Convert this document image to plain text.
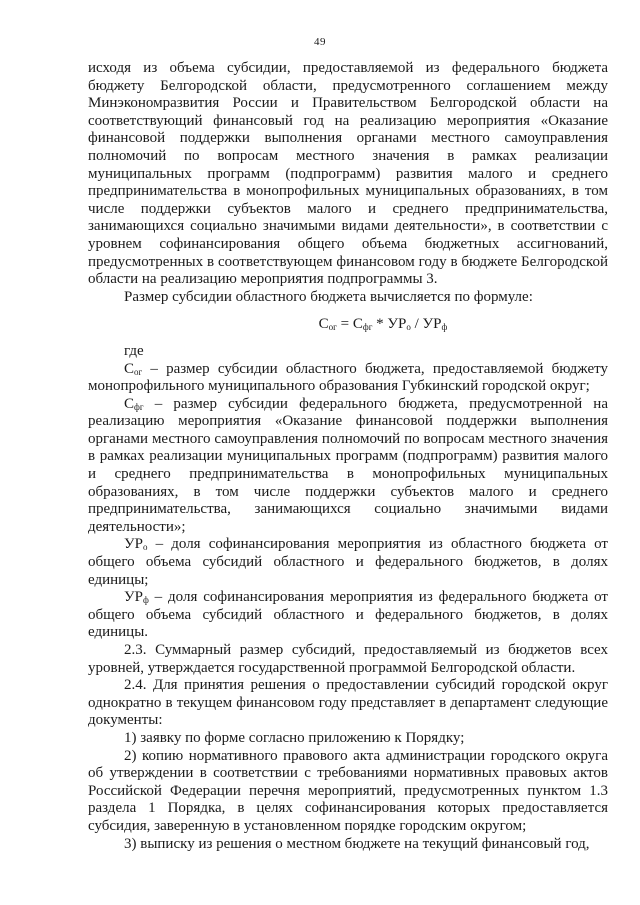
49

исходя из объема субсидии, предоставляемой из федерального бюджета бюджету Белгородской области, предусмотренного соглашением между Минэкономразвития России и Правительством Белгородской области на соответствующий финансовый год на реализацию мероприятия «Оказание финансовой поддержки выполнения органами местного самоуправления полномочий по вопросам местного значения в рамках реализации муниципальных программ (подпрограмм) развития малого и среднего предпринимательства в монопрофильных муниципальных образованиях, в том числе поддержки субъектов малого и среднего предпринимательства, занимающихся социально значимыми видами деятельности», в соответствии с уровнем софинансирования общего объема бюджетных ассигнований, предусмотренных в соответствующем финансовом году в бюджете Белгородской области на реализацию мероприятия подпрограммы 3.

Размер субсидии областного бюджета вычисляется по формуле:

$С_{ог} = С_{фг} * УР_о / УР_ф$

где

$С_{ог}$ – размер субсидии областного бюджета, предоставляемой бюджету монопрофильного муниципального образования Губкинский городской округ;

$С_{фг}$ – размер субсидии федерального бюджета, предусмотренной на реализацию мероприятия «Оказание финансовой поддержки выполнения органами местного самоуправления полномочий по вопросам местного значения в рамках реализации муниципальных программ (подпрограмм) развития малого и среднего предпринимательства в монопрофильных муниципальных образованиях, в том числе поддержки субъектов малого и среднего предпринимательства, занимающихся социально значимыми видами деятельности»;

$УР_о$ – доля софинансирования мероприятия из областного бюджета от общего объема субсидий областного и федерального бюджетов, в долях единицы;

$УР_ф$ – доля софинансирования мероприятия из федерального бюджета от общего объема субсидий областного и федерального бюджетов, в долях единицы.

2.3. Суммарный размер субсидий, предоставляемый из бюджетов всех уровней, утверждается государственной программой Белгородской области.

2.4. Для принятия решения о предоставлении субсидий городской округ однократно в текущем финансовом году представляет в департамент следующие документы:

1) заявку по форме согласно приложению к Порядку;

2) копию нормативного правового акта администрации городского округа об утверждении в соответствии с требованиями нормативных правовых актов Российской Федерации перечня мероприятий, предусмотренных пунктом 1.3 раздела 1 Порядка, в целях софинансирования которых предоставляется субсидия, заверенную в установленном порядке городским округом;

3) выписку из решения о местном бюджете на текущий финансовый год,
